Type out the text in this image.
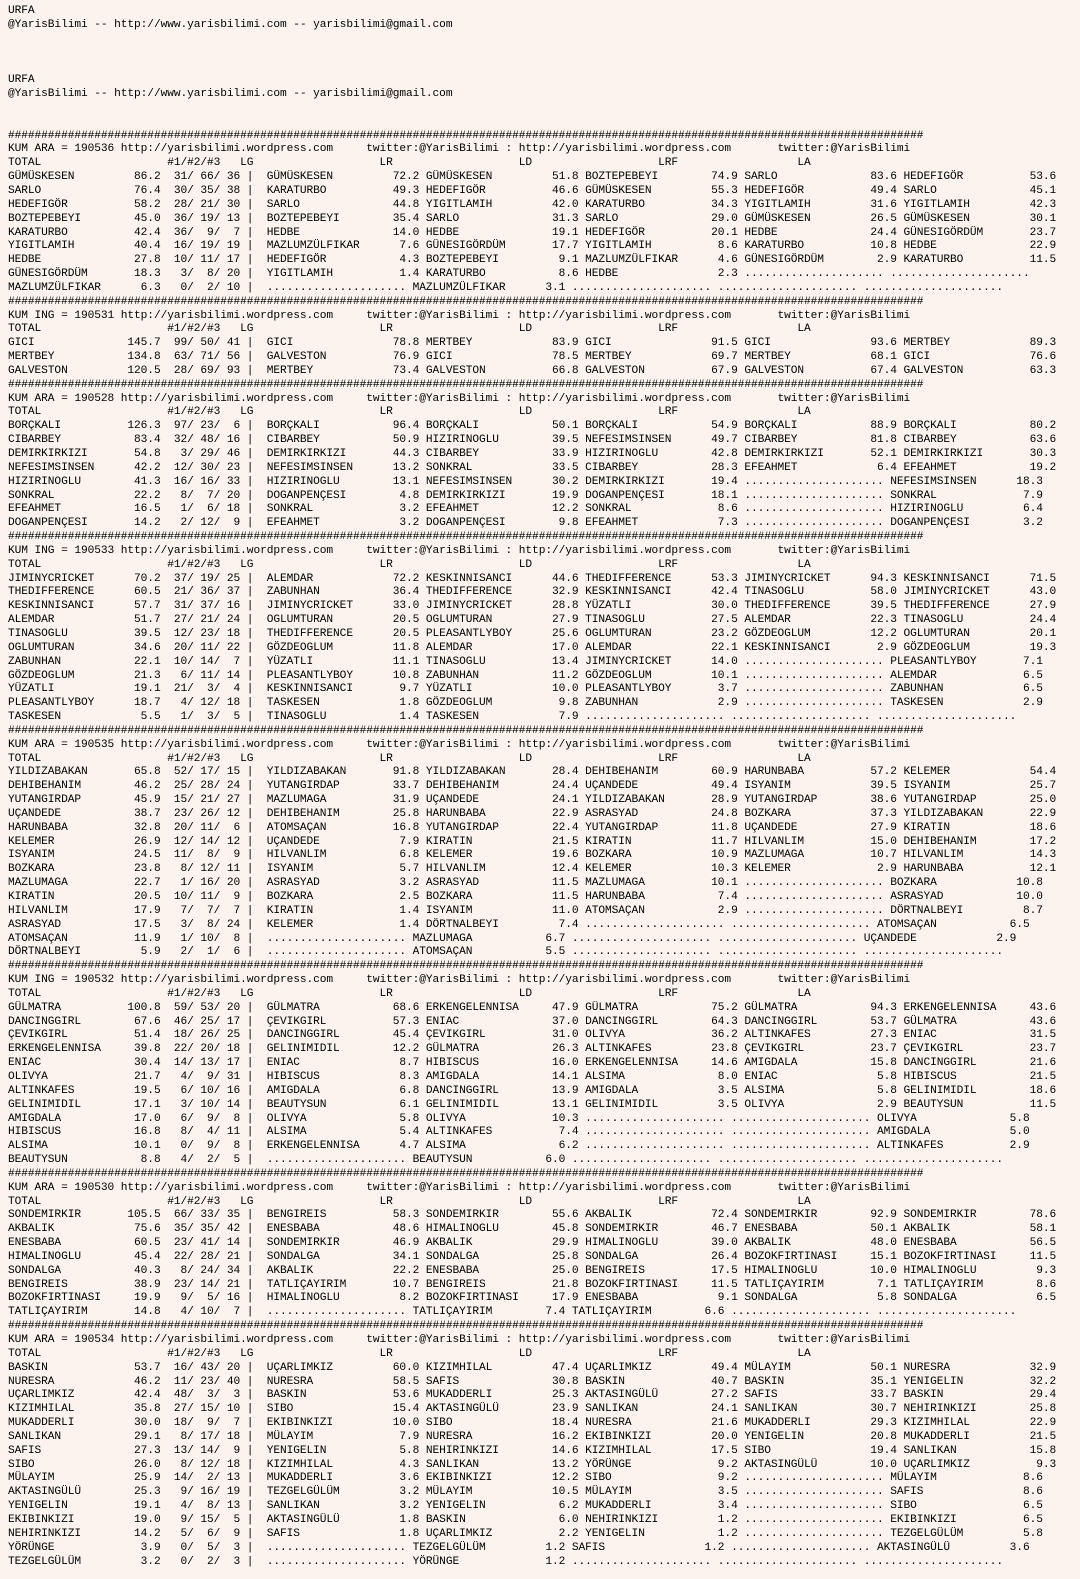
URFA
@YarisBilimi -- http://www.yarisbilimi.com -- yarisbilimi@gmail.com

URFA
@YarisBilimi -- http://www.yarisbilimi.com -- yarisbilimi@gmail.com

##########################################################################################################################################
KUM ARA = 190536 http://yarisbilimi.wordpress.com     twitter:@YarisBilimi : http://yarisbilimi.wordpress.com       twitter:@YarisBilimi
TOTAL                   #1/#2/#3   LG                   LR                   LD                   LRF                  LA
GÜMÜSKESEN         86.2  31/ 66/ 36 |  GÜMÜSKESEN         72.2 GÜMÜSKESEN         51.8 BOZTEPEBEYI        74.9 SARLO              83.6 HEDEFIGÖR          53.6
SARLO              76.4  30/ 35/ 38 |  KARATURBO          49.3 HEDEFIGÖR          46.6 GÜMÜSKESEN         55.3 HEDEFIGÖR          49.4 SARLO              45.1
HEDEFIGÖR          58.2  28/ 21/ 30 |  SARLO              44.8 YIGITLAMIH         42.0 KARATURBO          34.3 YIGITLAMIH         31.6 YIGITLAMIH         42.3
BOZTEPEBEYI        45.0  36/ 19/ 13 |  BOZTEPEBEYI        35.4 SARLO              31.3 SARLO              29.0 GÜMÜSKESEN         26.5 GÜMÜSKESEN         30.1
KARATURBO          42.4  36/  9/  7 |  HEDBE              14.0 HEDBE              19.1 HEDEFIGÖR          20.1 HEDBE              24.4 GÜNESIGÖRDÜM       23.7
YIGITLAMIH         40.4  16/ 19/ 19 |  MAZLUMZÜLFIKAR      7.6 GÜNESIGÖRDÜM       17.7 YIGITLAMIH          8.6 KARATURBO          10.8 HEDBE              22.9
HEDBE              27.8  10/ 11/ 17 |  HEDEFIGÖR           4.3 BOZTEPEBEYI         9.1 MAZLUMZÜLFIKAR      4.6 GÜNESIGÖRDÜM        2.9 KARATURBO          11.5
GÜNESIGÖRDÜM       18.3   3/  8/ 20 |  YIGITLAMIH          1.4 KARATURBO           8.6 HEDBE               2.3 ..................... .....................
MAZLUMZÜLFIKAR      6.3   0/  2/ 10 |  ..................... MAZLUMZÜLFIKAR      3.1 ..................... ..................... .....................
##########################################################################################################################################
KUM ING = 190531 http://yarisbilimi.wordpress.com     twitter:@YarisBilimi : http://yarisbilimi.wordpress.com       twitter:@YarisBilimi
TOTAL                   #1/#2/#3   LG                   LR                   LD                   LRF                  LA
GICI              145.7  99/ 50/ 41 |  GICI               78.8 MERTBEY            83.9 GICI               91.5 GICI               93.6 MERTBEY            89.3
MERTBEY           134.8  63/ 71/ 56 |  GALVESTON          76.9 GICI               78.5 MERTBEY            69.7 MERTBEY            68.1 GICI               76.6
GALVESTON         120.5  28/ 69/ 93 |  MERTBEY            73.4 GALVESTON          66.8 GALVESTON          67.9 GALVESTON          67.4 GALVESTON          63.3
##########################################################################################################################################
KUM ARA = 190528 http://yarisbilimi.wordpress.com     twitter:@YarisBilimi : http://yarisbilimi.wordpress.com       twitter:@YarisBilimi
TOTAL                   #1/#2/#3   LG                   LR                   LD                   LRF                  LA
BORÇKALI          126.3  97/ 23/  6 |  BORÇKALI           96.4 BORÇKALI           50.1 BORÇKALI           54.9 BORÇKALI           88.9 BORÇKALI           80.2
CIBARBEY           83.4  32/ 48/ 16 |  CIBARBEY           50.9 HIZIRINOGLU        39.5 NEFESIMSINSEN      49.7 CIBARBEY           81.8 CIBARBEY           63.6
DEMIRKIRKIZI       54.8   3/ 29/ 46 |  DEMIRKIRKIZI       44.3 CIBARBEY           33.9 HIZIRINOGLU        42.8 DEMIRKIRKIZI       52.1 DEMIRKIRKIZI       30.3
NEFESIMSINSEN      42.2  12/ 30/ 23 |  NEFESIMSINSEN      13.2 SONKRAL            33.5 CIBARBEY           28.3 EFEAHMET            6.4 EFEAHMET           19.2
HIZIRINOGLU        41.3  16/ 16/ 33 |  HIZIRINOGLU        13.1 NEFESIMSINSEN      30.2 DEMIRKIRKIZI       19.4 ..................... NEFESIMSINSEN      18.3
SONKRAL            22.2   8/  7/ 20 |  DOGANPENÇESI        4.8 DEMIRKIRKIZI       19.9 DOGANPENÇESI       18.1 ..................... SONKRAL             7.9
EFEAHMET           16.5   1/  6/ 18 |  SONKRAL             3.2 EFEAHMET           12.2 SONKRAL             8.6 ..................... HIZIRINOGLU         6.4
DOGANPENÇESI       14.2   2/ 12/  9 |  EFEAHMET            3.2 DOGANPENÇESI        9.8 EFEAHMET            7.3 ..................... DOGANPENÇESI        3.2
##########################################################################################################################################
KUM ING = 190533 http://yarisbilimi.wordpress.com     twitter:@YarisBilimi : http://yarisbilimi.wordpress.com       twitter:@YarisBilimi
TOTAL                   #1/#2/#3   LG                   LR                   LD                   LRF                  LA
JIMINYCRICKET      70.2  37/ 19/ 25 |  ALEMDAR            72.2 KESKINNISANCI      44.6 THEDIFFERENCE      53.3 JIMINYCRICKET      94.3 KESKINNISANCI      71.5
THEDIFFERENCE      60.5  21/ 36/ 37 |  ZABUNHAN           36.4 THEDIFFERENCE      32.9 KESKINNISANCI      42.4 TINASOGLU          58.0 JIMINYCRICKET      43.0
KESKINNISANCI      57.7  31/ 37/ 16 |  JIMINYCRICKET      33.0 JIMINYCRICKET      28.8 YÜZATLI            30.0 THEDIFFERENCE      39.5 THEDIFFERENCE      27.9
ALEMDAR            51.7  27/ 21/ 24 |  OGLUMTURAN         20.5 OGLUMTURAN         27.9 TINASOGLU          27.5 ALEMDAR            22.3 TINASOGLU          24.4
TINASOGLU          39.5  12/ 23/ 18 |  THEDIFFERENCE      20.5 PLEASANTLYBOY      25.6 OGLUMTURAN         23.2 GÖZDEOGLUM         12.2 OGLUMTURAN         20.1
OGLUMTURAN         34.6  20/ 11/ 22 |  GÖZDEOGLUM         11.8 ALEMDAR            17.0 ALEMDAR            22.1 KESKINNISANCI       2.9 GÖZDEOGLUM         19.3
ZABUNHAN           22.1  10/ 14/  7 |  YÜZATLI            11.1 TINASOGLU          13.4 JIMINYCRICKET      14.0 ..................... PLEASANTLYBOY       7.1
GÖZDEOGLUM         21.3   6/ 11/ 14 |  PLEASANTLYBOY      10.8 ZABUNHAN           11.2 GÖZDEOGLUM         10.1 ..................... ALEMDAR             6.5
YÜZATLI            19.1  21/  3/  4 |  KESKINNISANCI       9.7 YÜZATLI            10.0 PLEASANTLYBOY       3.7 ..................... ZABUNHAN            6.5
PLEASANTLYBOY      18.7   4/ 12/ 18 |  TASKESEN            1.8 GÖZDEOGLUM          9.8 ZABUNHAN            2.9 ..................... TASKESEN            2.9
TASKESEN            5.5   1/  3/  5 |  TINASOGLU           1.4 TASKESEN            7.9 ..................... ..................... .....................
##########################################################################################################################################
KUM ARA = 190535 http://yarisbilimi.wordpress.com     twitter:@YarisBilimi : http://yarisbilimi.wordpress.com       twitter:@YarisBilimi
TOTAL                   #1/#2/#3   LG                   LR                   LD                   LRF                  LA
YILDIZABAKAN       65.8  52/ 17/ 15 |  YILDIZABAKAN       91.8 YILDIZABAKAN       28.4 DEHIBEHANIM        60.9 HARUNBABA          57.2 KELEMER            54.4
DEHIBEHANIM        46.2  25/ 28/ 24 |  YUTANGIRDAP        33.7 DEHIBEHANIM        24.4 UÇANDEDE           49.4 ISYANIM            39.5 ISYANIM            25.7
YUTANGIRDAP        45.9  15/ 21/ 27 |  MAZLUMAGA          31.9 UÇANDEDE           24.1 YILDIZABAKAN       28.9 YUTANGIRDAP        38.6 YUTANGIRDAP        25.0
UÇANDEDE           38.7  23/ 26/ 12 |  DEHIBEHANIM        25.8 HARUNBABA          22.9 ASRASYAD           24.8 BOZKARA            37.3 YILDIZABAKAN       22.9
HARUNBABA          32.8  20/ 11/  6 |  ATOMSAÇAN          16.8 YUTANGIRDAP        22.4 YUTANGIRDAP        11.8 UÇANDEDE           27.9 KIRATIN            18.6
KELEMER            26.9  12/ 14/ 12 |  UÇANDEDE            7.9 KIRATIN            21.5 KIRATIN            11.7 HILVANLIM          15.0 DEHIBEHANIM        17.2
ISYANIM            24.5  11/  8/  9 |  HILVANLIM           6.8 KELEMER            19.6 BOZKARA            10.9 MAZLUMAGA          10.7 HILVANLIM          14.3
BOZKARA            23.8   8/ 12/ 11 |  ISYANIM             5.7 HILVANLIM          12.4 KELEMER            10.3 KELEMER             2.9 HARUNBABA          12.1
MAZLUMAGA          22.7   1/ 16/ 20 |  ASRASYAD            3.2 ASRASYAD           11.5 MAZLUMAGA          10.1 ..................... BOZKARA            10.8
KIRATIN            20.5  10/ 11/  9 |  BOZKARA             2.5 BOZKARA            11.5 HARUNBABA           7.4 ..................... ASRASYAD           10.0
HILVANLIM          17.9   7/  7/  7 |  KIRATIN             1.4 ISYANIM            11.0 ATOMSAÇAN           2.9 ..................... DÖRTNALBEYI         8.7
ASRASYAD           17.5   3/  8/ 24 |  KELEMER             1.4 DÖRTNALBEYI         7.4 ..................... ..................... ATOMSAÇAN           6.5
ATOMSAÇAN          11.9   1/ 10/  8 |  ..................... MAZLUMAGA           6.7 ..................... ..................... UÇANDEDE            2.9
DÖRTNALBEYI         5.9   2/  1/  6 |  ..................... ATOMSAÇAN           5.5 ..................... ..................... .....................
##########################################################################################################################################
KUM ING = 190532 http://yarisbilimi.wordpress.com     twitter:@YarisBilimi : http://yarisbilimi.wordpress.com       twitter:@YarisBilimi
TOTAL                   #1/#2/#3   LG                   LR                   LD                   LRF                  LA
GÜLMATRA          100.8  59/ 53/ 20 |  GÜLMATRA           68.6 ERKENGELENNISA     47.9 GÜLMATRA           75.2 GÜLMATRA           94.3 ERKENGELENNISA     43.6
DANCINGGIRL        67.6  46/ 25/ 17 |  ÇEVIKGIRL          57.3 ENIAC              37.0 DANCINGGIRL        64.3 DANCINGGIRL        53.7 GÜLMATRA           43.6
ÇEVIKGIRL          51.4  18/ 26/ 25 |  DANCINGGIRL        45.4 ÇEVIKGIRL          31.0 OLIVYA             36.2 ALTINKAFES         27.3 ENIAC              31.5
ERKENGELENNISA     39.8  22/ 20/ 18 |  GELINIMIDIL        12.2 GÜLMATRA           26.3 ALTINKAFES         23.8 ÇEVIKGIRL          23.7 ÇEVIKGIRL          23.7
ENIAC              30.4  14/ 13/ 17 |  ENIAC               8.7 HIBISCUS           16.0 ERKENGELENNISA     14.6 AMIGDALA           15.8 DANCINGGIRL        21.6
OLIVYA             21.7   4/  9/ 31 |  HIBISCUS            8.3 AMIGDALA           14.1 ALSIMA              8.0 ENIAC               5.8 HIBISCUS           21.5
ALTINKAFES         19.5   6/ 10/ 16 |  AMIGDALA            6.8 DANCINGGIRL        13.9 AMIGDALA            3.5 ALSIMA              5.8 GELINIMIDIL        18.6
GELINIMIDIL        17.1   3/ 10/ 14 |  BEAUTYSUN           6.1 GELINIMIDIL        13.1 GELINIMIDIL         3.5 OLIVYA              2.9 BEAUTYSUN          11.5
AMIGDALA           17.0   6/  9/  8 |  OLIVYA              5.8 OLIVYA             10.3 ..................... ..................... OLIVYA              5.8
HIBISCUS           16.8   8/  4/ 11 |  ALSIMA              5.4 ALTINKAFES          7.4 ..................... ..................... AMIGDALA            5.0
ALSIMA             10.1   0/  9/  8 |  ERKENGELENNISA      4.7 ALSIMA              6.2 ..................... ..................... ALTINKAFES          2.9
BEAUTYSUN           8.8   4/  2/  5 |  ..................... BEAUTYSUN           6.0 ..................... ..................... .....................
##########################################################################################################################################
KUM ARA = 190530 http://yarisbilimi.wordpress.com     twitter:@YarisBilimi : http://yarisbilimi.wordpress.com       twitter:@YarisBilimi
TOTAL                   #1/#2/#3   LG                   LR                   LD                   LRF                  LA
SONDEMIRKIR       105.5  66/ 33/ 35 |  BENGIREIS          58.3 SONDEMIRKIR        55.6 AKBALIK            72.4 SONDEMIRKIR        92.9 SONDEMIRKIR        78.6
AKBALIK            75.6  35/ 35/ 42 |  ENESBABA           48.6 HIMALINOGLU        45.8 SONDEMIRKIR        46.7 ENESBABA           50.1 AKBALIK            58.1
ENESBABA           60.5  23/ 41/ 14 |  SONDEMIRKIR        46.9 AKBALIK            29.9 HIMALINOGLU        39.0 AKBALIK            48.0 ENESBABA           56.5
HIMALINOGLU        45.4  22/ 28/ 21 |  SONDALGA           34.1 SONDALGA           25.8 SONDALGA           26.4 BOZOKFIRTINASI     15.1 BOZOKFIRTINASI     11.5
SONDALGA           40.3   8/ 24/ 34 |  AKBALIK            22.2 ENESBABA           25.0 BENGIREIS          17.5 HIMALINOGLU        10.0 HIMALINOGLU         9.3
BENGIREIS          38.9  23/ 14/ 21 |  TATLIÇAYIRIM       10.7 BENGIREIS          21.8 BOZOKFIRTINASI     11.5 TATLIÇAYIRIM        7.1 TATLIÇAYIRIM        8.6
BOZOKFIRTINASI     19.9   9/  5/ 16 |  HIMALINOGLU         8.2 BOZOKFIRTINASI     17.9 ENESBABA            9.1 SONDALGA            5.8 SONDALGA            6.5
TATLIÇAYIRIM       14.8   4/ 10/  7 |  ..................... TATLIÇAYIRIM        7.4 TATLIÇAYIRIM        6.6 ..................... .....................
##########################################################################################################################################
KUM ARA = 190534 http://yarisbilimi.wordpress.com     twitter:@YarisBilimi : http://yarisbilimi.wordpress.com       twitter:@YarisBilimi
TOTAL                   #1/#2/#3   LG                   LR                   LD                   LRF                  LA
BASKIN             53.7  16/ 43/ 20 |  UÇARLIMKIZ         60.0 KIZIMHILAL         47.4 UÇARLIMKIZ         49.4 MÜLAYIM            50.1 NURESRA            32.9
NURESRA            46.2  11/ 23/ 40 |  NURESRA            58.5 SAFIS              30.8 BASKIN             40.7 BASKIN             35.1 YENIGELIN          32.2
UÇARLIMKIZ         42.4  48/  3/  3 |  BASKIN             53.6 MUKADDERLI         25.3 AKTASINGÜLÜ        27.2 SAFIS              33.7 BASKIN             29.4
KIZIMHILAL         35.8  27/ 15/ 10 |  SIBO               15.4 AKTASINGÜLÜ        23.9 SANLIKAN           24.1 SANLIKAN           30.7 NEHIRINKIZI        25.8
MUKADDERLI         30.0  18/  9/  7 |  EKIBINKIZI         10.0 SIBO               18.4 NURESRA            21.6 MUKADDERLI         29.3 KIZIMHILAL         22.9
SANLIKAN           29.1   8/ 17/ 18 |  MÜLAYIM             7.9 NURESRA            16.2 EKIBINKIZI         20.0 YENIGELIN          20.8 MUKADDERLI         21.5
SAFIS              27.3  13/ 14/  9 |  YENIGELIN           5.8 NEHIRINKIZI        14.6 KIZIMHILAL         17.5 SIBO               19.4 SANLIKAN           15.8
SIBO               26.0   8/ 12/ 18 |  KIZIMHILAL          4.3 SANLIKAN           13.2 YÖRÜNGE             9.2 AKTASINGÜLÜ        10.0 UÇARLIMKIZ          9.3
MÜLAYIM            25.9  14/  2/ 13 |  MUKADDERLI          3.6 EKIBINKIZI         12.2 SIBO                9.2 ..................... MÜLAYIM             8.6
AKTASINGÜLÜ        25.3   9/ 16/ 19 |  TEZGELGÜLÜM         3.2 MÜLAYIM            10.5 MÜLAYIM             3.5 ..................... SAFIS               8.6
YENIGELIN          19.1   4/  8/ 13 |  SANLIKAN            3.2 YENIGELIN           6.2 MUKADDERLI          3.4 ..................... SIBO                6.5
EKIBINKIZI         19.0   9/ 15/  5 |  AKTASINGÜLÜ         1.8 BASKIN              6.0 NEHIRINKIZI         1.2 ..................... EKIBINKIZI          6.5
NEHIRINKIZI        14.2   5/  6/  9 |  SAFIS               1.8 UÇARLIMKIZ          2.2 YENIGELIN           1.2 ..................... TEZGELGÜLÜM         5.8
YÖRÜNGE             3.9   0/  5/  3 |  ..................... TEZGELGÜLÜM         1.2 SAFIS               1.2 ..................... AKTASINGÜLÜ         3.6
TEZGELGÜLÜM         3.2   0/  2/  3 |  ..................... YÖRÜNGE             1.2 ..................... ..................... .....................
